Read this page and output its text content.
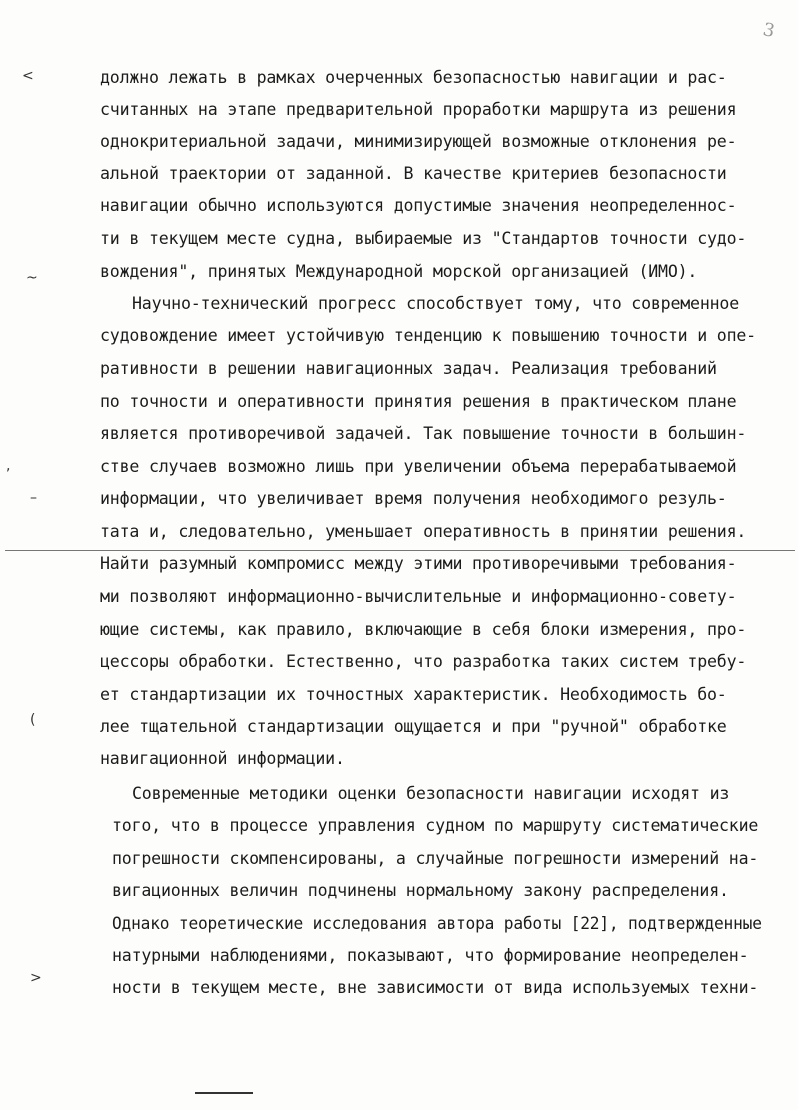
3
<
~
,
–
(
>
должно лежать в рамках очерченных безопасностью навигации и рас-
считанных на этапе предварительной проработки маршрута из решения
однокритериальной задачи, минимизирующей возможные отклонения ре-
альной траектории от заданной. В качестве критериев безопасности
навигации обычно используются допустимые значения неопределеннос-
ти в текущем месте судна, выбираемые из "Стандартов точности судо-
вождения", принятых Международной морской организацией (ИМО).
Научно-технический прогресс способствует тому, что современное
судовождение имеет устойчивую тенденцию к повышению точности и опе-
ративности в решении навигационных задач. Реализация требований
по точности и оперативности принятия решения в практическом плане
является противоречивой задачей. Так повышение точности в большин-
стве случаев возможно лишь при увеличении объема перерабатываемой
информации, что увеличивает время получения необходимого резуль-
тата и, следовательно, уменьшает оперативность в принятии решения.
Найти разумный компромисс между этими противоречивыми требования-
ми позволяют информационно-вычислительные и информационно-совету-
ющие системы, как правило, включающие в себя блоки измерения, про-
цессоры обработки. Естественно, что разработка таких систем требу-
ет стандартизации их точностных характеристик. Необходимость бо-
лее тщательной стандартизации ощущается и при "ручной" обработке
навигационной информации.
Современные методики оценки безопасности навигации исходят из
того, что в процессе управления судном по маршруту систематические
погрешности скомпенсированы, а случайные погрешности измерений на-
вигационных величин подчинены нормальному закону распределения.
Однако теоретические исследования автора работы [22], подтвержденные
натурными наблюдениями, показывают, что формирование неопределен-
ности в текущем месте, вне зависимости от вида используемых техни-
